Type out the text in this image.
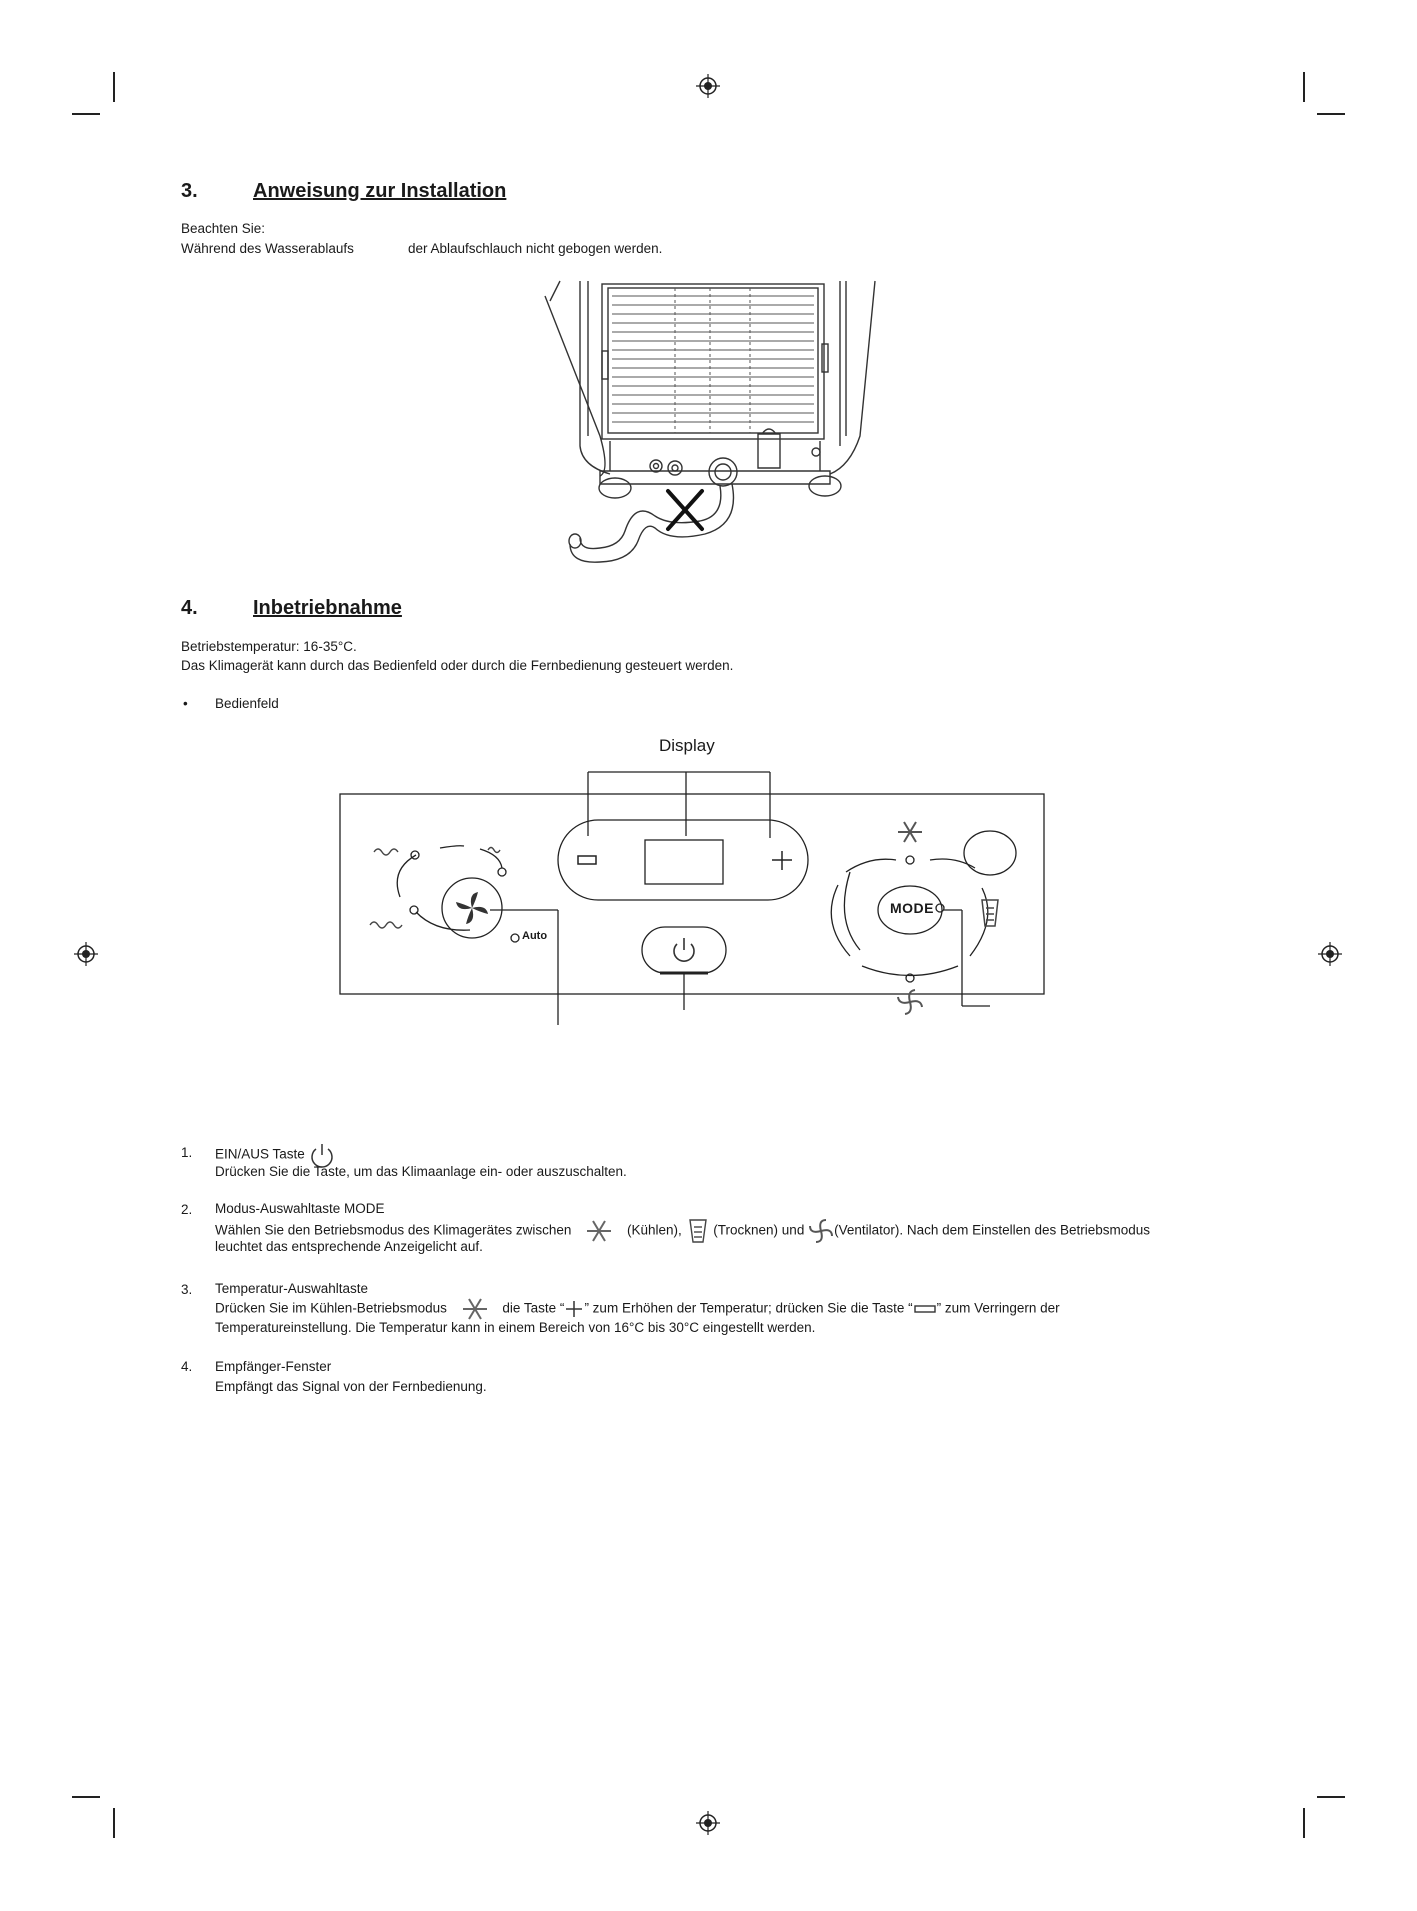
3.	Anweisung zur Installation
Beachten Sie:
Während des Wasserablaufs	der Ablaufschlauch nicht gebogen werden.
4.	Inbetriebnahme
Betriebstemperatur: 16-35°C.
Das Klimagerät kann durch das Bedienfeld oder durch die Fernbedienung gesteuert werden.
• Bedienfeld
Display
MODE
Auto
1. EIN/AUS Taste
Drücken Sie die Taste, um das Klimaanlage ein- oder auszuschalten.
2. Modus-Auswahltaste MODE
Wählen Sie den Betriebsmodus des Klimagerätes zwischen	(Kühlen), (Trocknen) und (Ventilator). Nach dem Einstellen des Betriebsmodus
leuchtet das entsprechende Anzeigelicht auf.
3. Temperatur-Auswahltaste
Drücken Sie im Kühlen-Betriebsmodus	die Taste “ ” zum Erhöhen der Temperatur; drücken Sie die Taste “ ” zum Verringern der
Temperatureinstellung. Die Temperatur kann in einem Bereich von 16°C bis 30°C eingestellt werden.
4. Empfänger-Fenster
Empfängt das Signal von der Fernbedienung.
